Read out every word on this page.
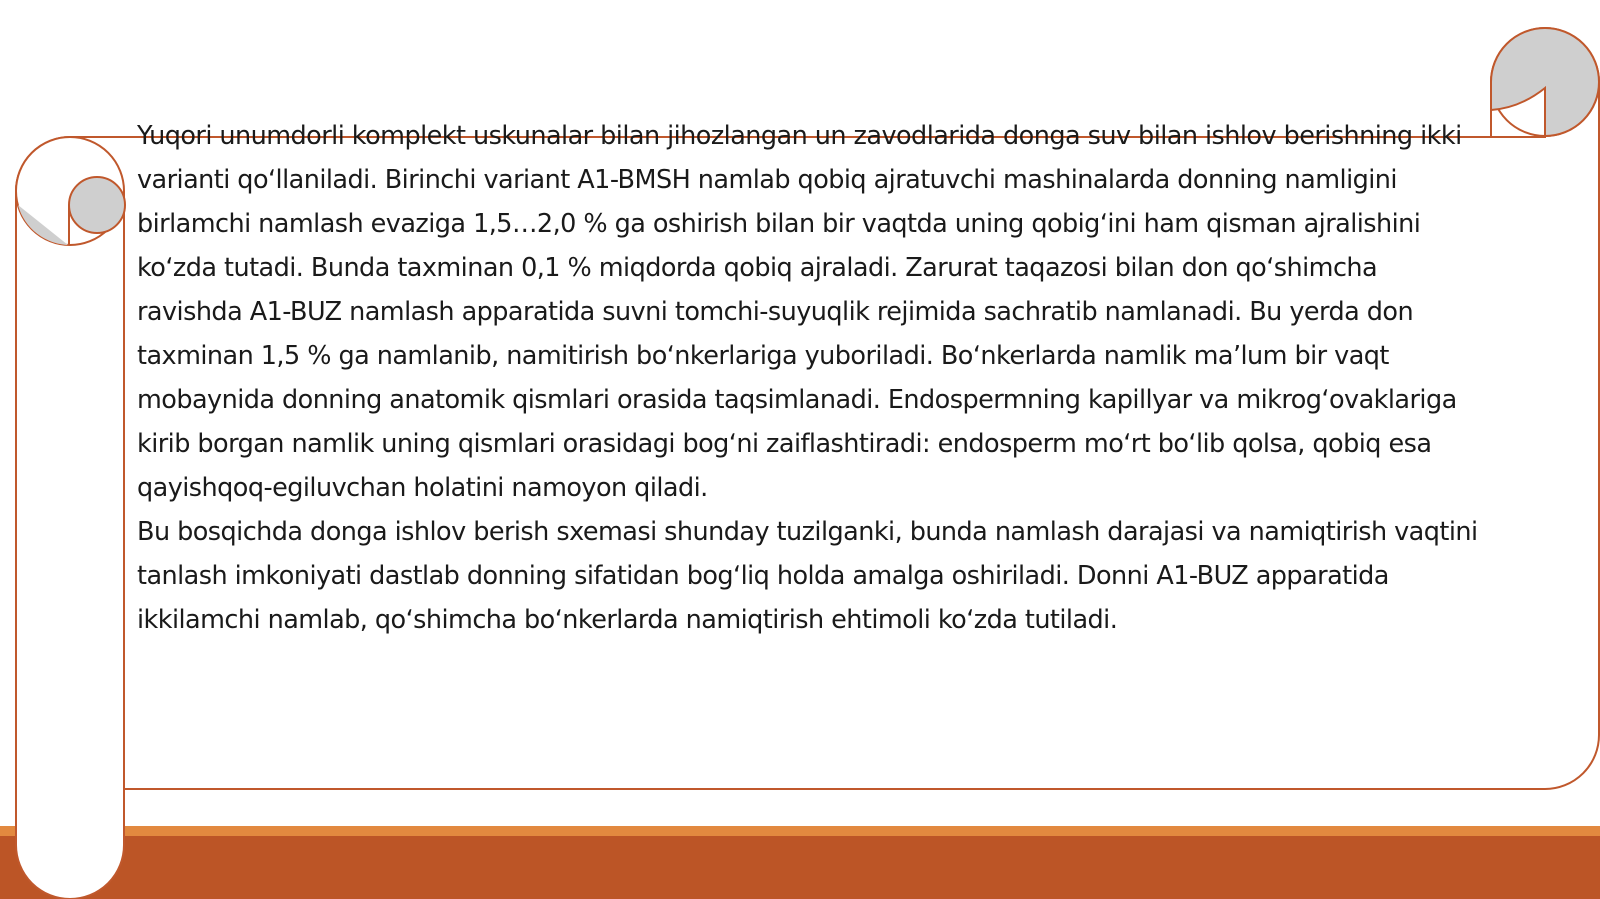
Yuqori unumdorli komplekt uskunalar bilan jihozlangan un zavodlarida donga suv bilan ishlov berishning ikki varianti qoʻllaniladi. Birinchi variant A1-BMSH namlab qobiq ajratuvchi mashinalarda donning namligini birlamchi namlash evaziga 1,5…2,0 % ga oshirish bilan bir vaqtda uning qobigʻini ham qisman ajralishini koʻzda tutadi. Bunda taxminan 0,1 % miqdorda qobiq ajraladi. Zarurat taqazosi bilan don qoʻshimcha ravishda A1-BUZ namlash apparatida suvni tomchi-suyuqlik rejimida sachratib namlanadi. Bu yerda don taxminan 1,5 % ga namlanib, namitirish boʻnkerlariga yuboriladi. Boʻnkerlarda namlik maʼlum bir vaqt mobaynida donning anatomik qismlari orasida taqsimlanadi. Endospermning kapillyar va mikrogʻovaklariga kirib borgan namlik uning qismlari orasidagi bogʻni zaiflashtiradi: endosperm moʻrt boʻlib qolsa, qobiq esa qayishqoq-egiluvchan holatini namoyon qiladi.

Bu bosqichda donga ishlov berish sxemasi shunday tuzilganki, bunda namlash darajasi va namiqtirish vaqtini tanlash imkoniyati dastlab donning sifatidan bogʻliq holda amalga oshiriladi. Donni A1-BUZ apparatida ikkilamchi namlab, qoʻshimcha boʻnkerlarda namiqtirish ehtimoli koʻzda tutiladi.
